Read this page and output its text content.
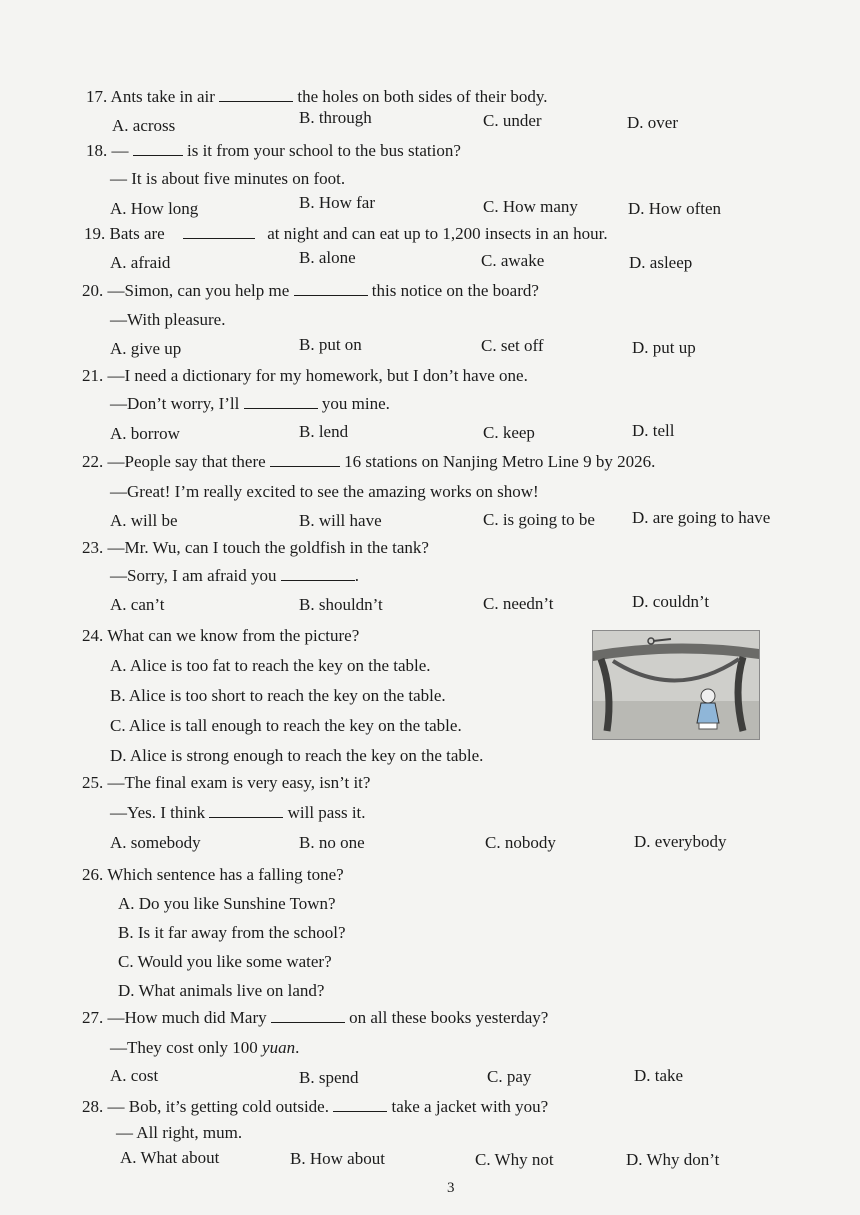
17. Ants take in air	the holes on both sides of their body.
A. across	B. through	C. under	D. over
18. —	is it from your school to the bus station?
— It is about five minutes on foot.
A. How long	B. How far	C. How many	D. How often
19. Bats are	at night and can eat up to 1,200 insects in an hour.
A. afraid	B. alone	C. awake	D. asleep
20. —Simon, can you help me	this notice on the board?
—With pleasure.
A. give up	B. put on	C. set off	D. put up
21. —I need a dictionary for my homework, but I don’t have one.
—Don’t worry, I’ll	you mine.
A. borrow	B. lend	C. keep	D. tell
22. —People say that there	16 stations on Nanjing Metro Line 9 by 2026.
—Great! I’m really excited to see the amazing works on show!
A. will be	B. will have	C. is going to be D. are going to have
23. —Mr. Wu, can I touch the goldfish in the tank?
—Sorry, I am afraid you	.
A. can’t	B. shouldn’t	C. needn’t	D. couldn’t
24. What can we know from the picture?
A. Alice is too fat to reach the key on the table.
B. Alice is too short to reach the key on the table.
C. Alice is tall enough to reach the key on the table.
D. Alice is strong enough to reach the key on the table.
25. —The final exam is very easy, isn’t it?
—Yes. I think	will pass it.
A. somebody	B. no one	C. nobody	D. everybody
26. Which sentence has a falling tone?
A. Do you like Sunshine Town?
B. Is it far away from the school?
C. Would you like some water?
D. What animals live on land?
27. —How much did Mary	on all these books yesterday?
—They cost only 100 yuan.
A. cost	B. spend	C. pay	D. take
28. — Bob, it’s getting cold outside.	take a jacket with you?
— All right, mum.
A. What about	B. How about	C. Why not	D. Why don’t
3
